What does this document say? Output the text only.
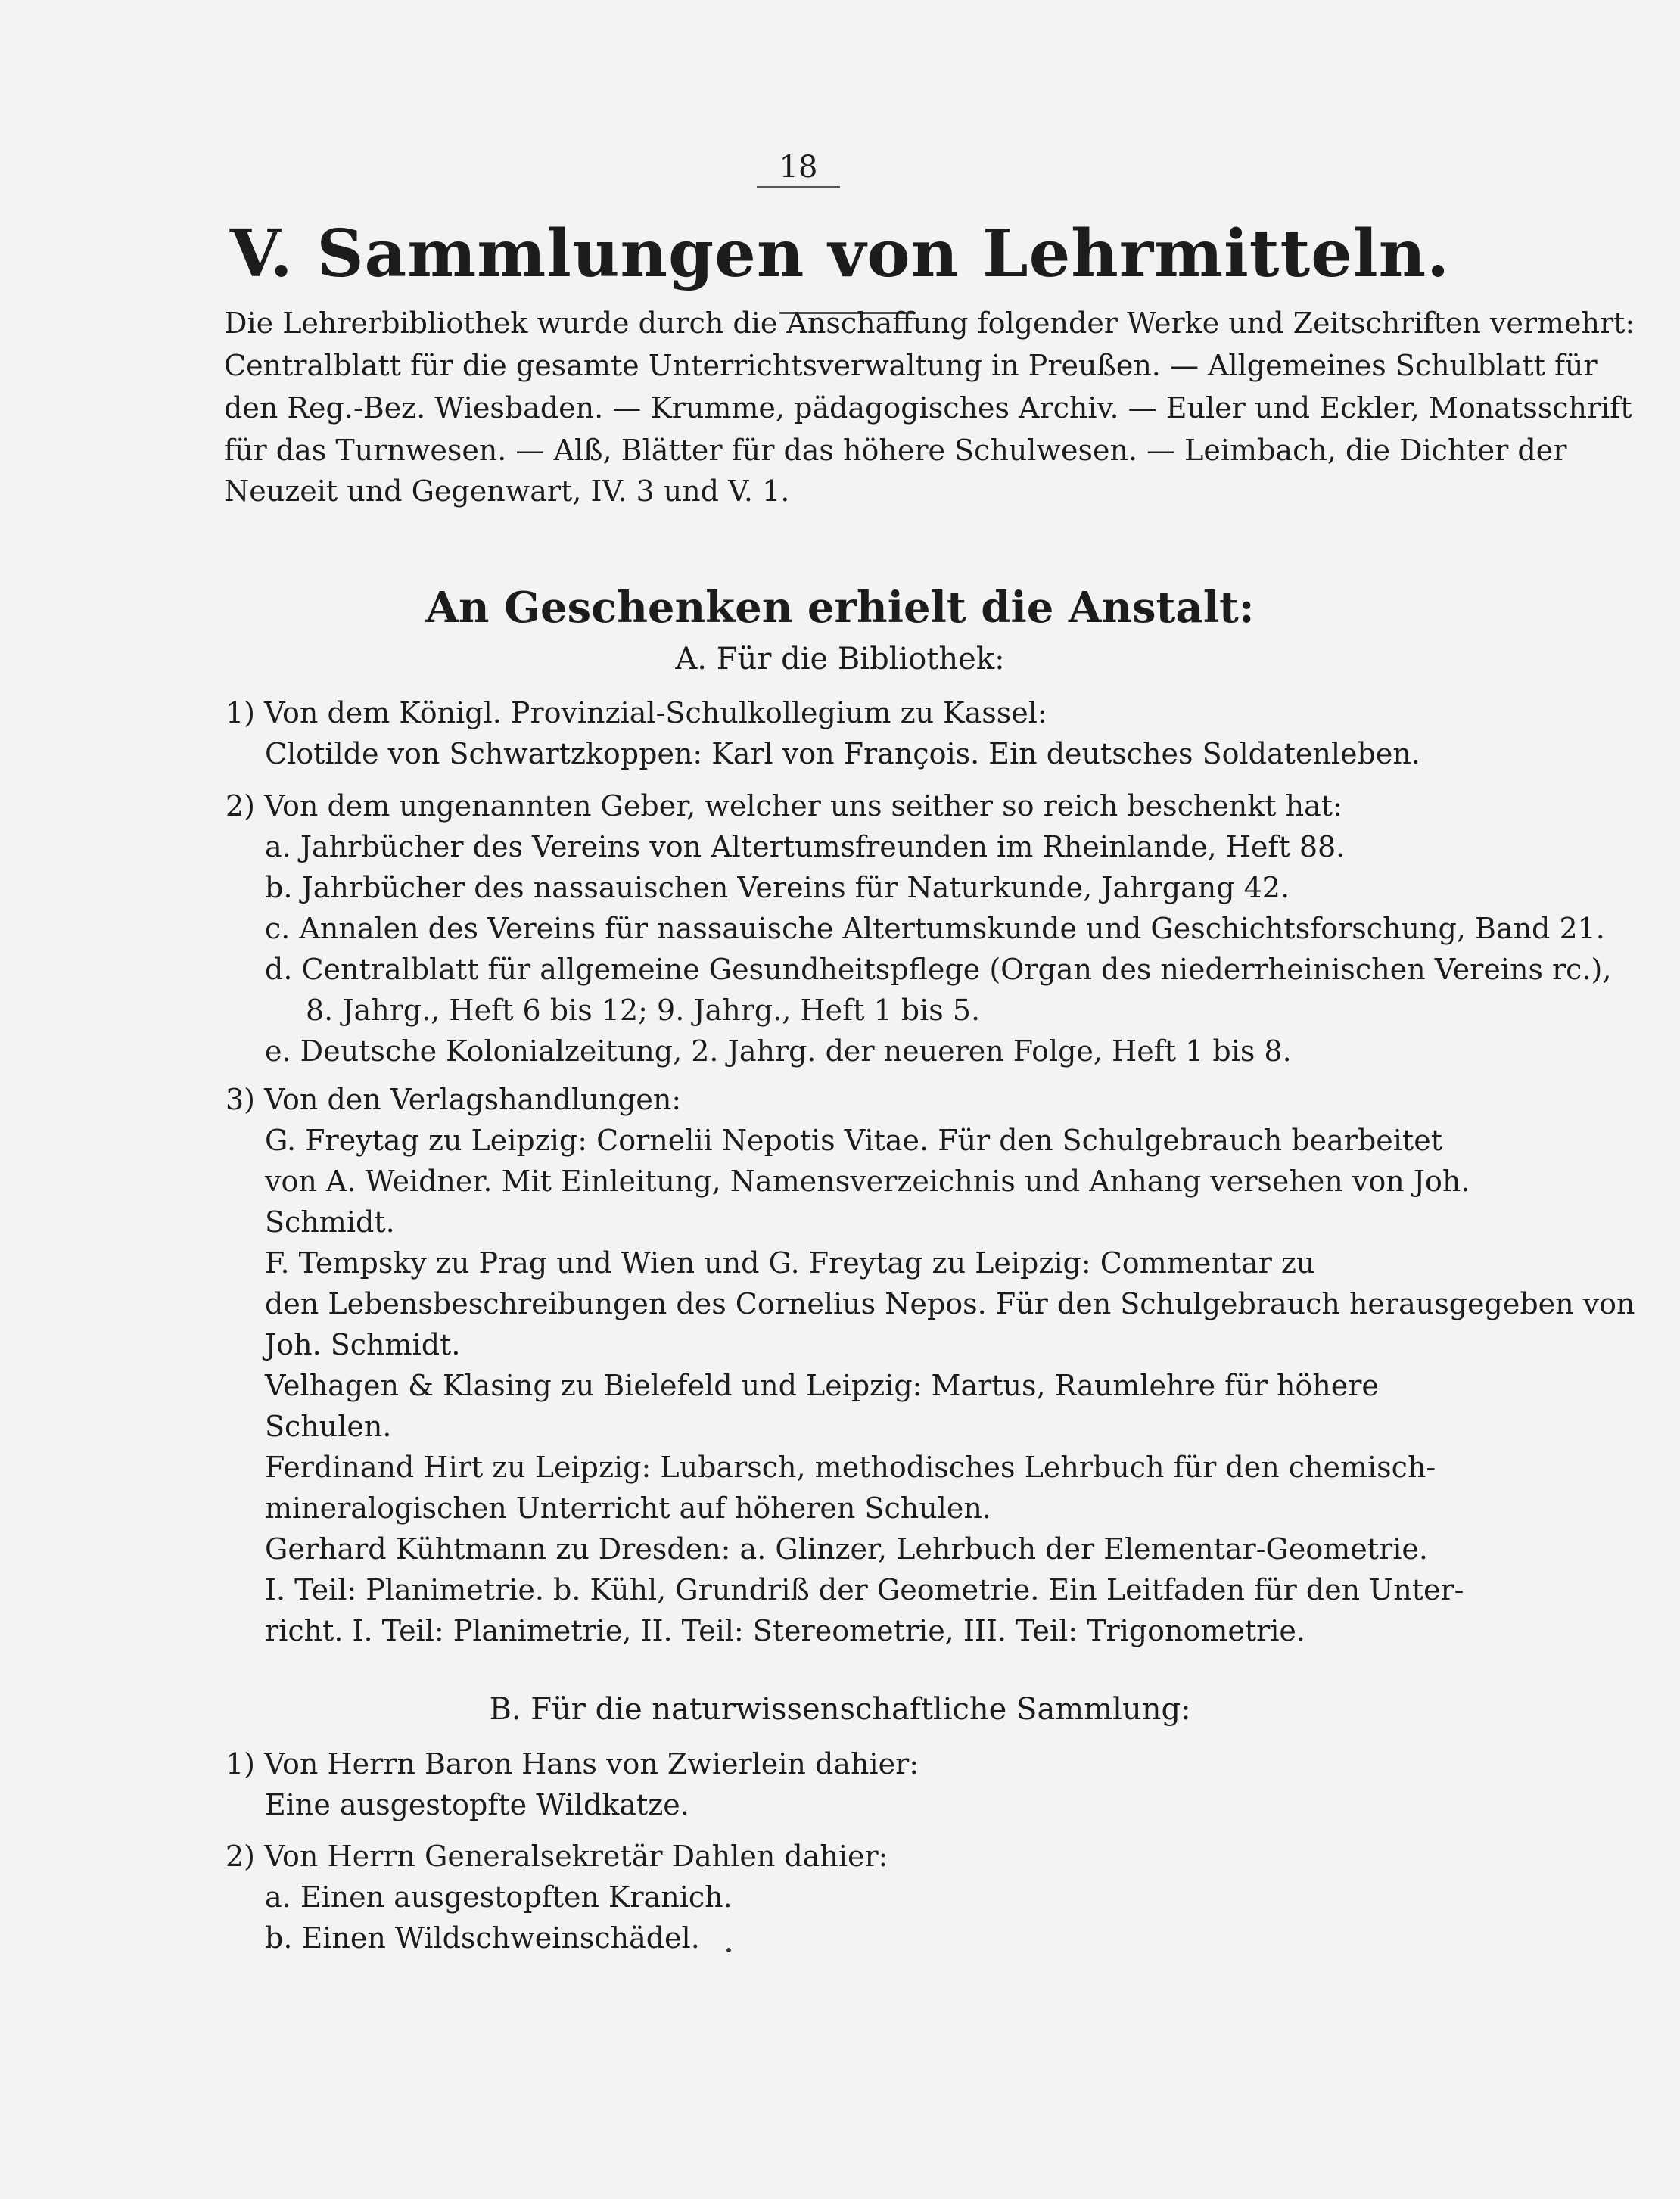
18
V. Sammlungen von Lehrmitteln.
Die Lehrerbibliothek wurde durch die Anschaffung folgender Werke und Zeitschriften vermehrt:
Centralblatt für die gesamte Unterrichtsverwaltung in Preußen. — Allgemeines Schulblatt für
den Reg.-Bez. Wiesbaden. — Krumme, pädagogisches Archiv. — Euler und Eckler, Monatsschrift
für das Turnwesen. — Alß, Blätter für das höhere Schulwesen. — Leimbach, die Dichter der
Neuzeit und Gegenwart, IV. 3 und V. 1.
An Geschenken erhielt die Anstalt:
A. Für die Bibliothek:
1) Von dem Königl. Provinzial-Schulkollegium zu Kassel:
Clotilde von Schwartzkoppen: Karl von François. Ein deutsches Soldatenleben.
2) Von dem ungenannten Geber, welcher uns seither so reich beschenkt hat:
a. Jahrbücher des Vereins von Altertumsfreunden im Rheinlande, Heft 88.
b. Jahrbücher des nassauischen Vereins für Naturkunde, Jahrgang 42.
c. Annalen des Vereins für nassauische Altertumskunde und Geschichtsforschung, Band 21.
d. Centralblatt für allgemeine Gesundheitspflege (Organ des niederrheinischen Vereins rc.),
8. Jahrg., Heft 6 bis 12; 9. Jahrg., Heft 1 bis 5.
e. Deutsche Kolonialzeitung, 2. Jahrg. der neueren Folge, Heft 1 bis 8.
3) Von den Verlagshandlungen:
G. Freytag zu Leipzig: Cornelii Nepotis Vitae. Für den Schulgebrauch bearbeitet
von A. Weidner. Mit Einleitung, Namensverzeichnis und Anhang versehen von Joh.
Schmidt.
F. Tempsky zu Prag und Wien und G. Freytag zu Leipzig: Commentar zu
den Lebensbeschreibungen des Cornelius Nepos. Für den Schulgebrauch herausgegeben von
Joh. Schmidt.
Velhagen & Klasing zu Bielefeld und Leipzig: Martus, Raumlehre für höhere
Schulen.
Ferdinand Hirt zu Leipzig: Lubarsch, methodisches Lehrbuch für den chemisch-
mineralogischen Unterricht auf höheren Schulen.
Gerhard Kühtmann zu Dresden: a. Glinzer, Lehrbuch der Elementar-Geometrie.
I. Teil: Planimetrie. b. Kühl, Grundriß der Geometrie. Ein Leitfaden für den Unter-
richt. I. Teil: Planimetrie, II. Teil: Stereometrie, III. Teil: Trigonometrie.
B. Für die naturwissenschaftliche Sammlung:
1) Von Herrn Baron Hans von Zwierlein dahier:
Eine ausgestopfte Wildkatze.
2) Von Herrn Generalsekretär Dahlen dahier:
a. Einen ausgestopften Kranich.
b. Einen Wildschweinschädel.
